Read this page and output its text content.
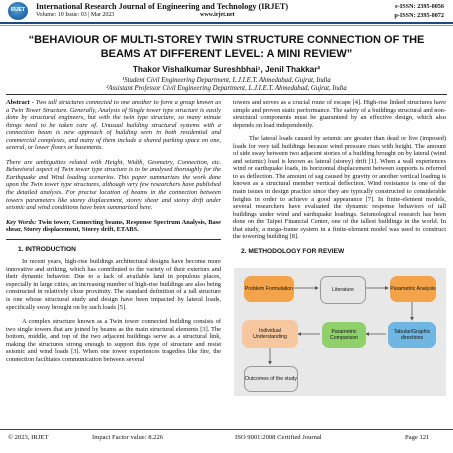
IRJET	International Research Journal of Engineering and Technology (IRJET)
Volume: 10 Issue: 03 | Mar 2023	www.irjet.net
e-ISSN: 2395-0056
p-ISSN: 2395-0072
“BEHAVIOUR OF MULTI-STOREY TWIN STRUCTURE CONNECTION OF THE BEAMS AT DIFFERENT LEVEL: A MINI REVIEW”
Thakor Vishalkumar Sureshbhai¹, Jenil Thakkar²
¹Student Civil Engineering Department, L.J.I.E.T. Ahmedabad, Gujrat, India
²Assistant Professor Civil Engineering Department, L.J.I.E.T. Ahmedabad, Gujrat, India

Abstract - Two tall structures connected to one another to form a group known as a Twin Tower Structure. Generally, Analysis of Single tower type structure is easily done by structural engineers, but with the twin type structure, so many minute things need to be taken care of. Unusual building structural systems with a connection beam is new approach of building seen in both residential and commercial complexes, and many of them include a shared parking space on one, several, or lower floors or basements.

There are ambiguities related with Height, Width, Geometry, Connection, etc. Behavioral aspect of Twin tower type structure is to be analysed thoroughly for the Earthquake and Wind loading scenarios. This paper summarizes the work done upon the Twin tower type structures, although very few researchers have published the detailed analysis. For precise location of beams in the connection between towers parameters like storey displacement, storey shear and storey drift under seismic and wind conditions have been summarized here.

Key Words: Twin tower, Connecting beams, Response Spectrum Analysis, Base shear, Storey displacement, Storey drift, ETABS.

1. INTRODUCTION

In recent years, high-rise buildings architectural designs have become more innovative and striking, which has contributed to the variety of their exteriors and their dynamic behavior. Due to a lack of available land in populous places, especially in large cities, an increasing number of high-rise buildings are also being constructed in relatively close proximity. The standard definition of a tall structure is one whose structural study and design have been impacted by lateral loads, specifically sway brought on by such loads [5].

A complex structure known as a Twin tower connected building consists of two single towers that are joined by beams as the main structural elements [3]. The bottom, middle, and top of the two adjacent buildings serve as a structural link, making the structures strong enough to support this type of structure and resist seismic and wind loads [3]. When one tower experiences tragedies like fire, the connection facilitates communication between several

towers and serves as a crucial route of escape [4]. High-rise linked structures have simple and proven static performance. The safety of a buildings structural and non-structural components must be guaranteed by an effective design, which also depends on load independently.

The lateral loads caused by seismic are greater than dead or live (imposed) loads for very tall buildings because wind pressure rises with height. The amount of side sway between two adjacent stories of a building brought on by lateral (wind and seismic) load is known as lateral (storey) drift [1]. When a wall experiences wind or earthquake loads, its horizontal displacement between supports is referred to as deflection. The amount of sag caused by gravity or another vertical loading is known as a structural member vertical deflection. Wind resistance is one of the main issues in design practice since they are typically constructed to considerable heights in order to achieve a good appearance [7]. In finite-element models, several researchers have evaluated the dynamic response behaviors of tall buildings under wind and earthquake loadings. Seismological research has been done on the Taipei Financial Center, one of the tallest buildings in the world. In that study, a mega-frame system in a finite-element model was used to construct the towering building [8].

2. METHODOLOGY FOR REVIEW

Problem Formulation	Literature	Parametric Analysis
Individual Understanding
Parametric Comparison
Tabular/Graphic directions
Outcomes of the study
© 2023, IRJET	Impact Factor value: 8.226	ISO 9001:2008 Certified Journal	Page 121
